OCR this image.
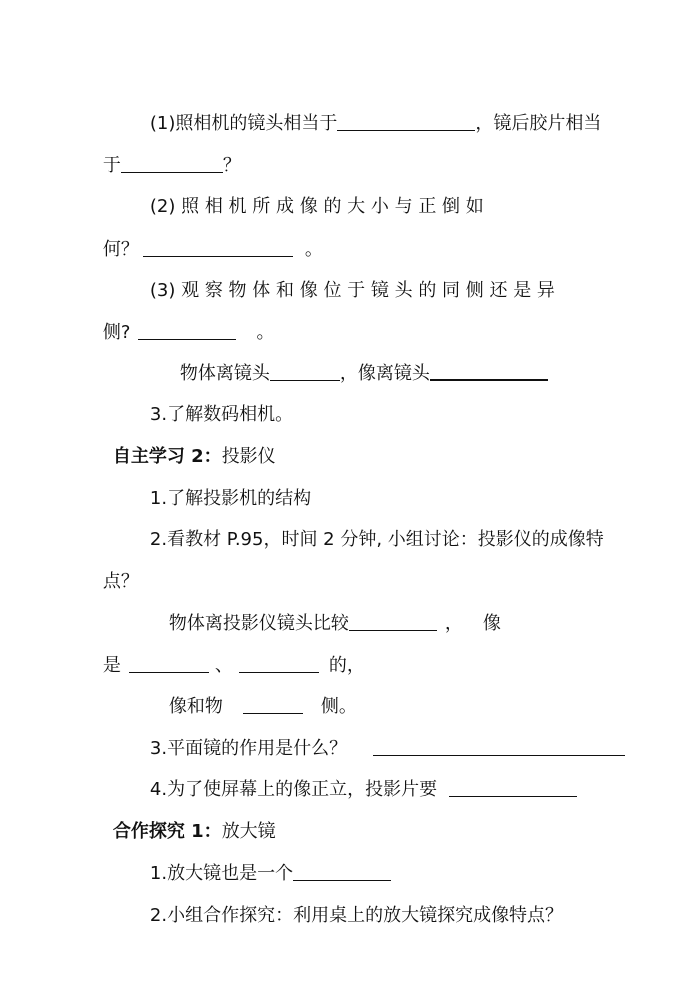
(1)照相机的镜头相当于	，镜后胶片相当

于	？

(2) 照 相 机 所 成 像 的 大 小 与 正 倒 如

何？	。

(3) 观 察 物 体 和 像 位 于 镜 头 的 同 侧 还 是 异

侧?	。

物体离镜头	，像离镜头

3.了解数码相机。

自主学习 2：投影仪

1.了解投影机的结构

2.看教材 P.95，时间 2 分钟, 小组讨论：投影仪的成像特

点？

物体离投影仪镜头比较	， 像

是	、	的，

像和物	侧。

3.平面镜的作用是什么？

4.为了使屏幕上的像正立，投影片要

合作探究 1：放大镜

1.放大镜也是一个

2.小组合作探究：利用桌上的放大镜探究成像特点？
